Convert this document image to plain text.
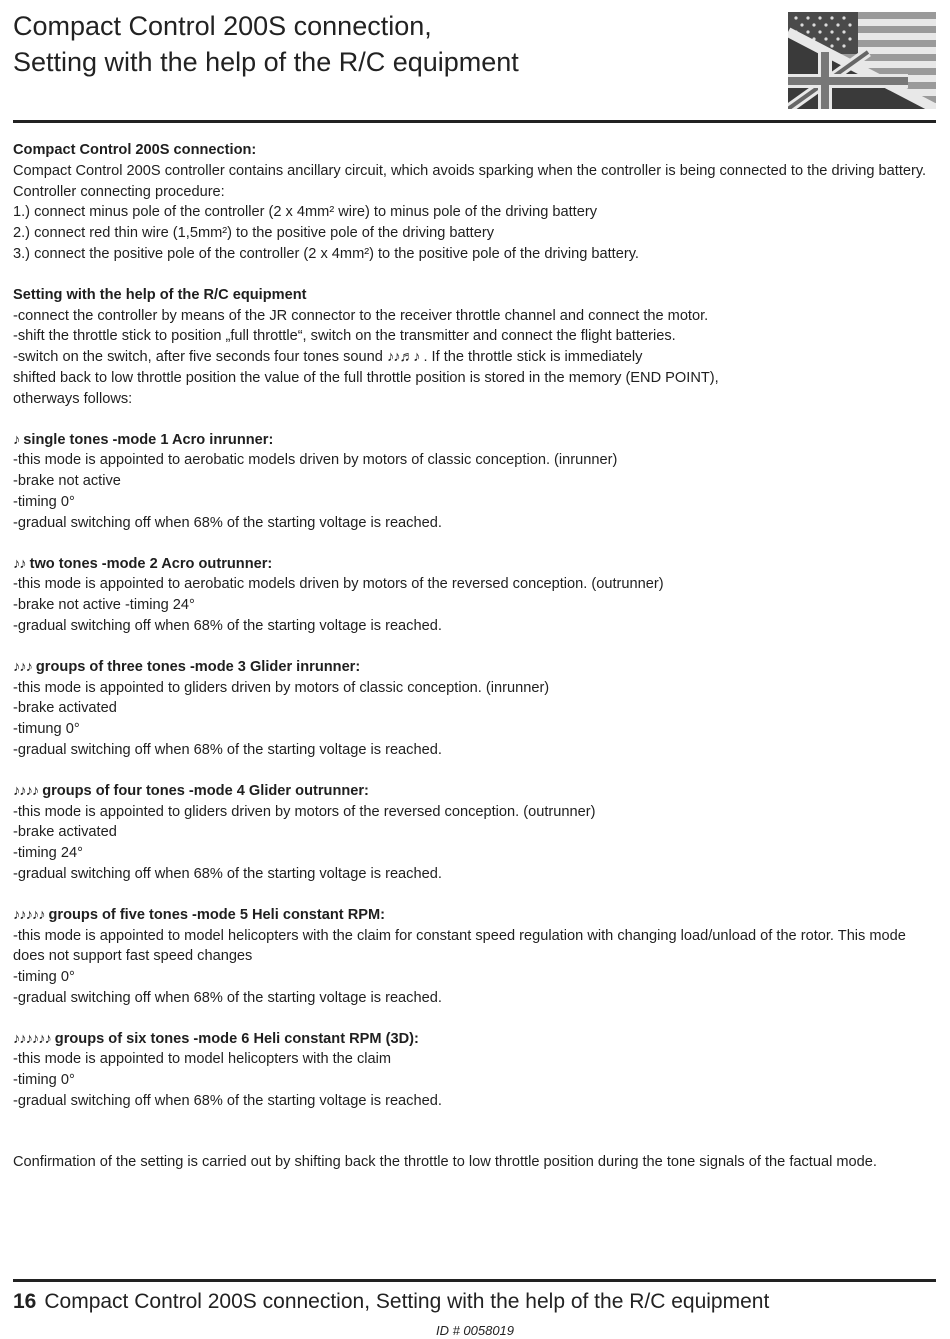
Compact Control 200S connection,
Setting with the help of the R/C equipment

Compact Control 200S connection:

Compact Control 200S controller contains ancillary circuit, which avoids sparking when the controller is being connected to the driving battery.

Controller connecting procedure:

1.) connect minus pole of the controller (2 x 4mm² wire) to minus pole of the driving battery

2.) connect red thin wire (1,5mm²) to the positive pole of the driving battery

3.) connect the positive pole of the controller (2 x 4mm²) to the positive pole of the driving battery.

Setting with the help of the R/C equipment

-connect the controller by means of the JR connector to the receiver throttle channel and connect the motor.

-shift the throttle stick to position „full throttle“, switch on the transmitter and connect the flight batteries.

-switch on the switch, after five seconds four tones sound ♪♪♬♪ . If the throttle stick is immediately

shifted back to low throttle position the value of the full throttle position is stored in the memory (END POINT),

otherways follows:

♪ single tones -mode 1 Acro inrunner:

-this mode is appointed to aerobatic models driven by motors of classic conception. (inrunner)

-brake not active

-timing 0°

-gradual switching off when 68% of the starting voltage is reached.

♪♪ two tones -mode 2 Acro outrunner:

-this mode is appointed to aerobatic models driven by motors of the reversed conception. (outrunner)

-brake not active -timing 24°

-gradual switching off when 68% of the starting voltage is reached.

♪♪♪ groups of three tones -mode 3 Glider inrunner:

-this mode is appointed to gliders driven by motors of classic conception. (inrunner)

-brake activated

-timung 0°

-gradual switching off when 68% of the starting voltage is reached.

♪♪♪♪ groups of four tones -mode 4 Glider outrunner:

-this mode is appointed to gliders driven by motors of the reversed conception. (outrunner)

-brake activated

-timing 24°

-gradual switching off when 68% of the starting voltage is reached.

♪♪♪♪♪ groups of five tones -mode 5 Heli constant RPM:

-this mode is appointed to model helicopters with the claim for constant speed regulation with changing load/unload of the rotor. This mode does not support fast speed changes

-timing 0°

-gradual switching off when 68% of the starting voltage is reached.

♪♪♪♪♪♪ groups of six tones -mode 6 Heli constant RPM (3D):

-this mode is appointed to model helicopters with the claim

-timing 0°

-gradual switching off when 68% of the starting voltage is reached.

Confirmation of the setting is carried out by shifting back the throttle to low throttle position during the tone signals of the factual mode.

16 Compact Control 200S connection, Setting with the help of the R/C equipment
ID # 0058019
